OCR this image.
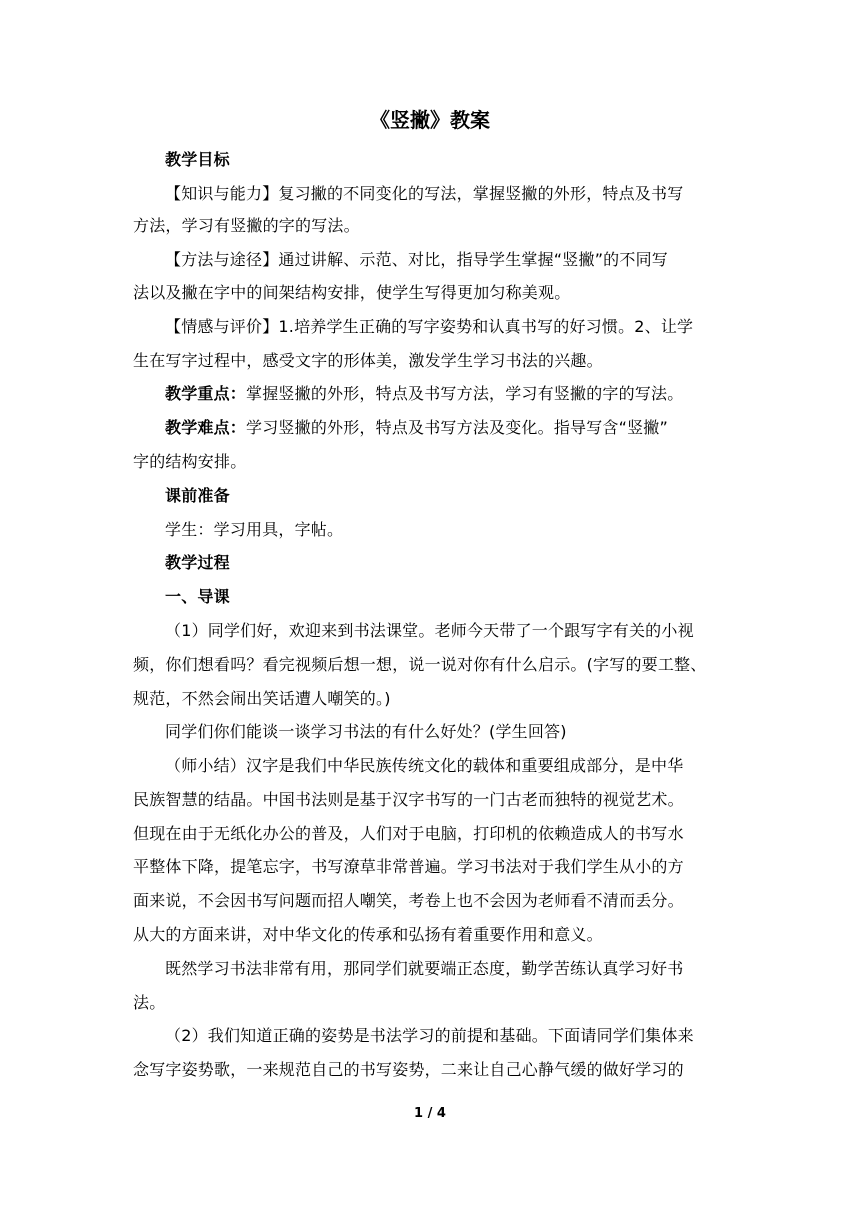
《竖撇》教案
教学目标
【知识与能力】复习撇的不同变化的写法，掌握竖撇的外形，特点及书写
方法，学习有竖撇的字的写法。
【方法与途径】通过讲解、示范、对比，指导学生掌握“竖撇”的不同写
法以及撇在字中的间架结构安排，使学生写得更加匀称美观。
【情感与评价】1.培养学生正确的写字姿势和认真书写的好习惯。2、让学
生在写字过程中，感受文字的形体美，激发学生学习书法的兴趣。
教学重点：掌握竖撇的外形，特点及书写方法，学习有竖撇的字的写法。
教学难点：学习竖撇的外形，特点及书写方法及变化。指导写含“竖撇”
字的结构安排。
课前准备
学生：学习用具，字帖。
教学过程
一、导课
（1）同学们好，欢迎来到书法课堂。老师今天带了一个跟写字有关的小视
频，你们想看吗？看完视频后想一想，说一说对你有什么启示。(字写的要工整、
规范，不然会闹出笑话遭人嘲笑的。)
同学们你们能谈一谈学习书法的有什么好处？(学生回答)
（师小结）汉字是我们中华民族传统文化的载体和重要组成部分，是中华
民族智慧的结晶。中国书法则是基于汉字书写的一门古老而独特的视觉艺术。
但现在由于无纸化办公的普及，人们对于电脑，打印机的依赖造成人的书写水
平整体下降，提笔忘字，书写潦草非常普遍。学习书法对于我们学生从小的方
面来说，不会因书写问题而招人嘲笑，考卷上也不会因为老师看不清而丢分。
从大的方面来讲，对中华文化的传承和弘扬有着重要作用和意义。
既然学习书法非常有用，那同学们就要端正态度，勤学苦练认真学习好书
法。
（2）我们知道正确的姿势是书法学习的前提和基础。下面请同学们集体来
念写字姿势歌，一来规范自己的书写姿势，二来让自己心静气缓的做好学习的
1 / 4
